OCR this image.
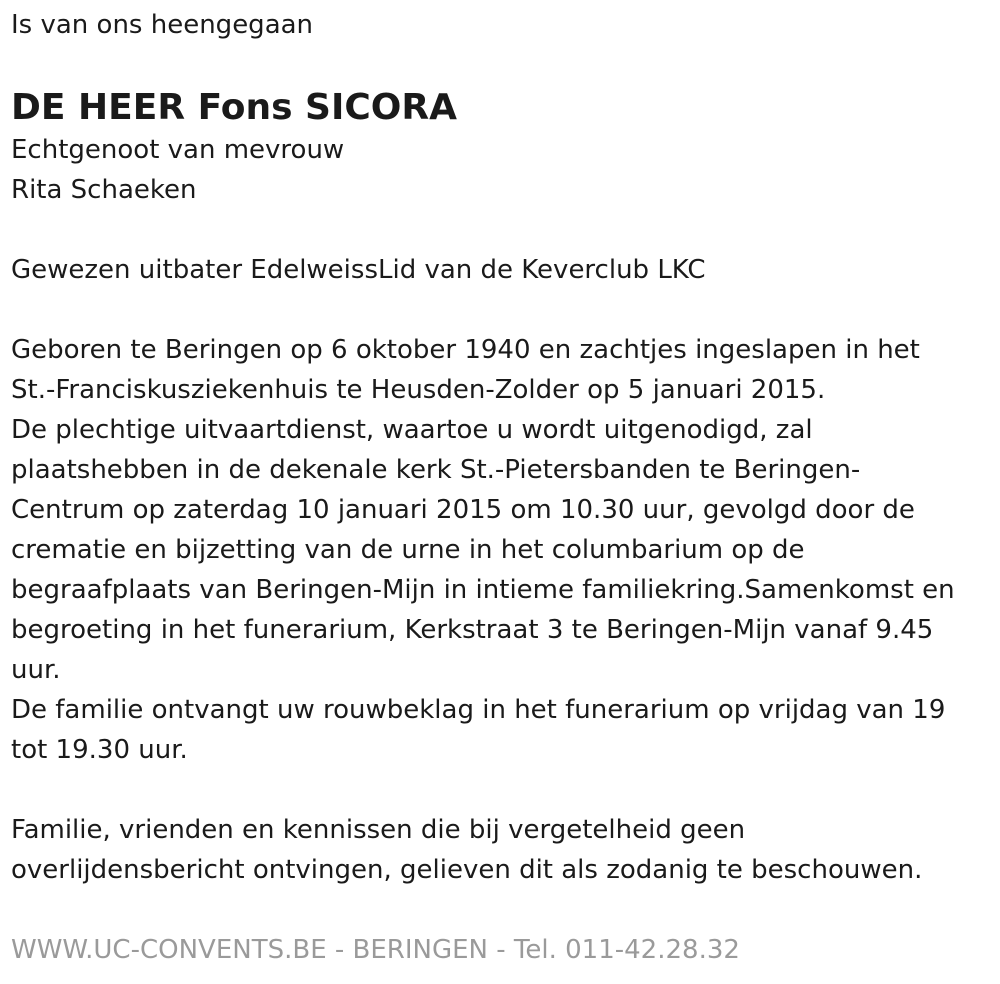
Is van ons heengegaan

DE HEER Fons SICORA

Echtgenoot van mevrouw

Rita Schaeken

Gewezen uitbater EdelweissLid van de Keverclub LKC

Geboren te Beringen op 6 oktober 1940 en zachtjes ingeslapen in het

St.-Franciskusziekenhuis te Heusden-Zolder op 5 januari 2015.

De plechtige uitvaartdienst, waartoe u wordt uitgenodigd, zal

plaatshebben in de dekenale kerk St.-Pietersbanden te Beringen-

Centrum op zaterdag 10 januari 2015 om 10.30 uur, gevolgd door de

crematie en bijzetting van de urne in het columbarium op de

begraafplaats van Beringen-Mijn in intieme familiekring.Samenkomst en

begroeting in het funerarium, Kerkstraat 3 te Beringen-Mijn vanaf 9.45

uur.

De familie ontvangt uw rouwbeklag in het funerarium op vrijdag van 19

tot 19.30 uur.

Familie, vrienden en kennissen die bij vergetelheid geen

overlijdensbericht ontvingen, gelieven dit als zodanig te beschouwen.

WWW.UC-CONVENTS.BE - BERINGEN - Tel. 011-42.28.32
